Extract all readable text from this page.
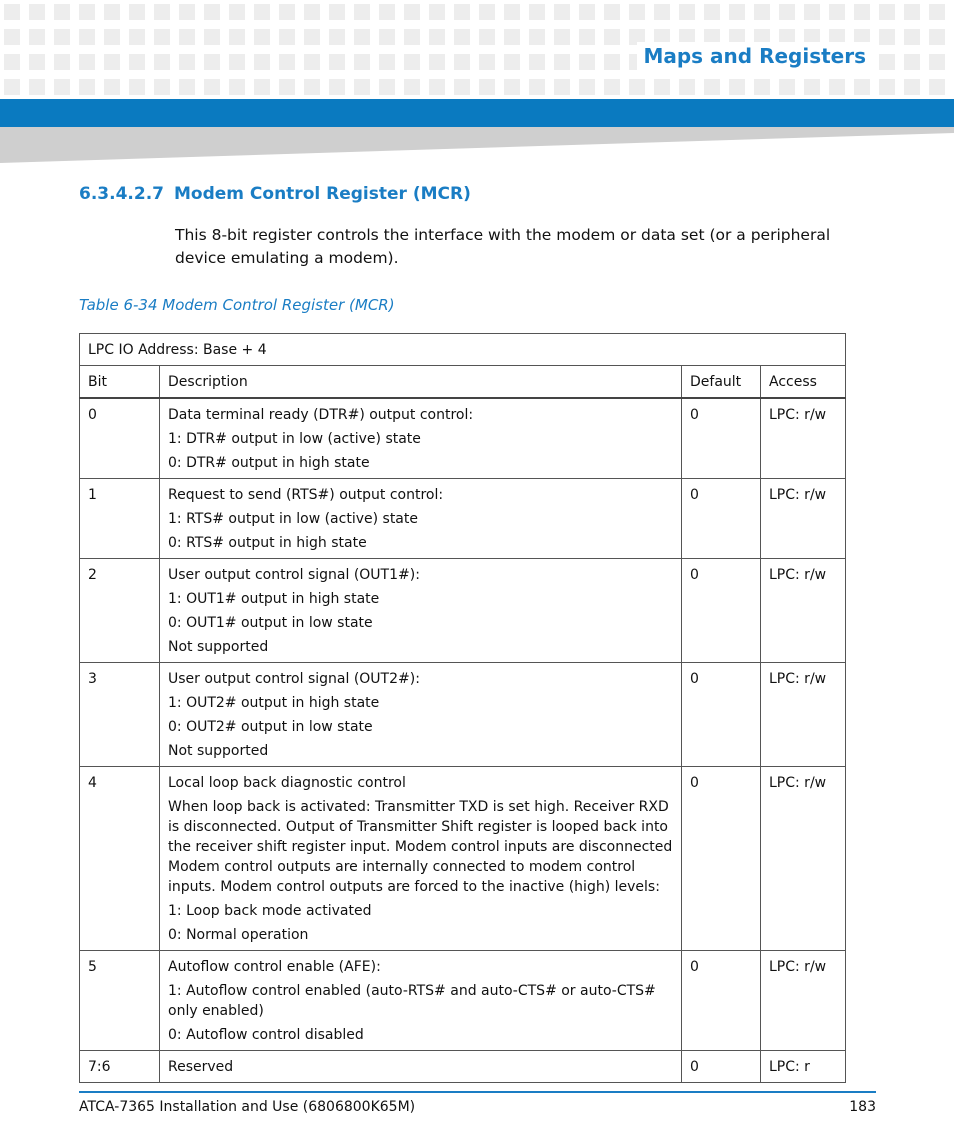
Maps and Registers
6.3.4.2.7 Modem Control Register (MCR)
This 8-bit register controls the interface with the modem or data set (or a peripheral device emulating a modem).
Table 6-34 Modem Control Register (MCR)
LPC IO Address: Base + 4			
Bit	Description	Default	Access
0	Data terminal ready (DTR#) output control:
1: DTR# output in low (active) state
0: DTR# output in high state	0	LPC: r/w
1	Request to send (RTS#) output control:
1: RTS# output in low (active) state
0: RTS# output in high state	0	LPC: r/w
2	User output control signal (OUT1#):
1: OUT1# output in high state
0: OUT1# output in low state
Not supported	0	LPC: r/w
3	User output control signal (OUT2#):
1: OUT2# output in high state
0: OUT2# output in low state
Not supported	0	LPC: r/w
4	Local loop back diagnostic control
When loop back is activated: Transmitter TXD is set high. Receiver RXD is disconnected. Output of Transmitter Shift register is looped back into the receiver shift register input. Modem control inputs are disconnected Modem control outputs are internally connected to modem control inputs. Modem control outputs are forced to the inactive (high) levels:
1: Loop back mode activated
0: Normal operation	0	LPC: r/w
5	Autoflow control enable (AFE):
1: Autoflow control enabled (auto-RTS# and auto-CTS# or auto-CTS# only enabled)
0: Autoflow control disabled	0	LPC: r/w
7:6	Reserved	0	LPC: r
ATCA-7365 Installation and Use (6806800K65M)	183
